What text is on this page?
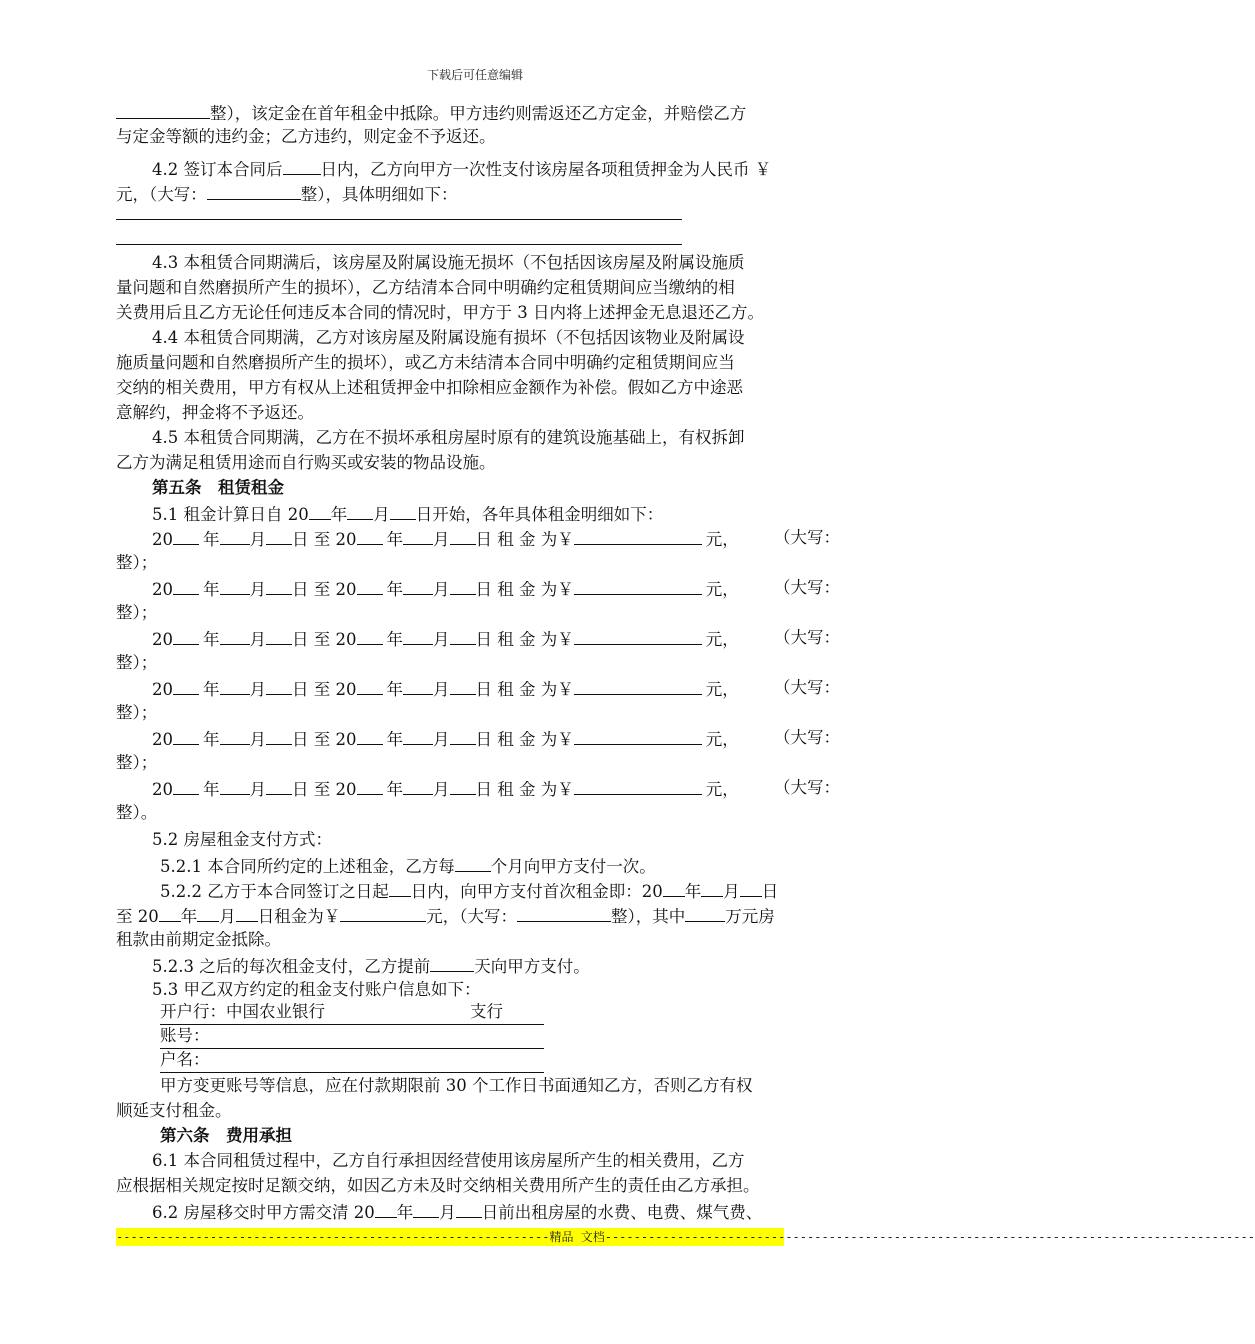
下载后可任意编辑
整），该定金在首年租金中抵除。甲方违约则需返还乙方定金，并赔偿乙方
与定金等额的违约金；乙方违约，则定金不予返还。
4.2 签订本合同后 日内，乙方向甲方一次性支付该房屋各项租赁押金为人民币 ￥
元，（大写：	整），具体明细如下：
4.3 本租赁合同期满后，该房屋及附属设施无损坏（不包括因该房屋及附属设施质
量问题和自然磨损所产生的损坏），乙方结清本合同中明确约定租赁期间应当缴纳的相
关费用后且乙方无论任何违反本合同的情况时，甲方于 3 日内将上述押金无息退还乙方。
4.4 本租赁合同期满，乙方对该房屋及附属设施有损坏（不包括因该物业及附属设
施质量问题和自然磨损所产生的损坏），或乙方未结清本合同中明确约定租赁期间应当
交纳的相关费用，甲方有权从上述租赁押金中扣除相应金额作为补偿。假如乙方中途恶
意解约，押金将不予返还。
4.5 本租赁合同期满，乙方在不损坏承租房屋时原有的建筑设施基础上，有权拆卸
乙方为满足租赁用途而自行购买或安装的物品设施。
第五条　租赁租金
5.1 租金计算日自 20 年 月 日开始，各年具体租金明细如下：
20 年 月 日 至 20 年 月 日 租 金 为￥	元， （大写：
整）；
20 年 月 日 至 20 年 月 日 租 金 为￥	元， （大写：
整）；
20 年 月 日 至 20 年 月 日 租 金 为￥	元， （大写：
整）；
20 年 月 日 至 20 年 月 日 租 金 为￥	元， （大写：
整）；
20 年 月 日 至 20 年 月 日 租 金 为￥	元， （大写：
整）；
20 年 月 日 至 20 年 月 日 租 金 为￥	元， （大写：
整）。
5.2 房屋租金支付方式：
5.2.1 本合同所约定的上述租金，乙方每 个月向甲方支付一次。
5.2.2 乙方于本合同签订之日起 日内，向甲方支付首次租金即：20 年 月 日
至 20 年 月 日租金为￥	元，（大写：	整），其中 万元房
租款由前期定金抵除。
5.2.3 之后的每次租金支付，乙方提前	天向甲方支付。
5.3 甲乙双方约定的租金支付账户信息如下：
开户行：中国农业银行	支行
账号：
户名：
甲方变更账号等信息，应在付款期限前 30 个工作日书面通知乙方，否则乙方有权
顺延支付租金。
第六条　费用承担
6.1 本合同租赁过程中，乙方自行承担因经营使用该房屋所产生的相关费用，乙方
应根据相关规定按时足额交纳，如因乙方未及时交纳相关费用所产生的责任由乙方承担。
6.2 房屋移交时甲方需交清 20 年 月 日前出租房屋的水费、电费、煤气费、
------------------------------------------------------------精品 文档------------------------------------------------------------------------------------------
